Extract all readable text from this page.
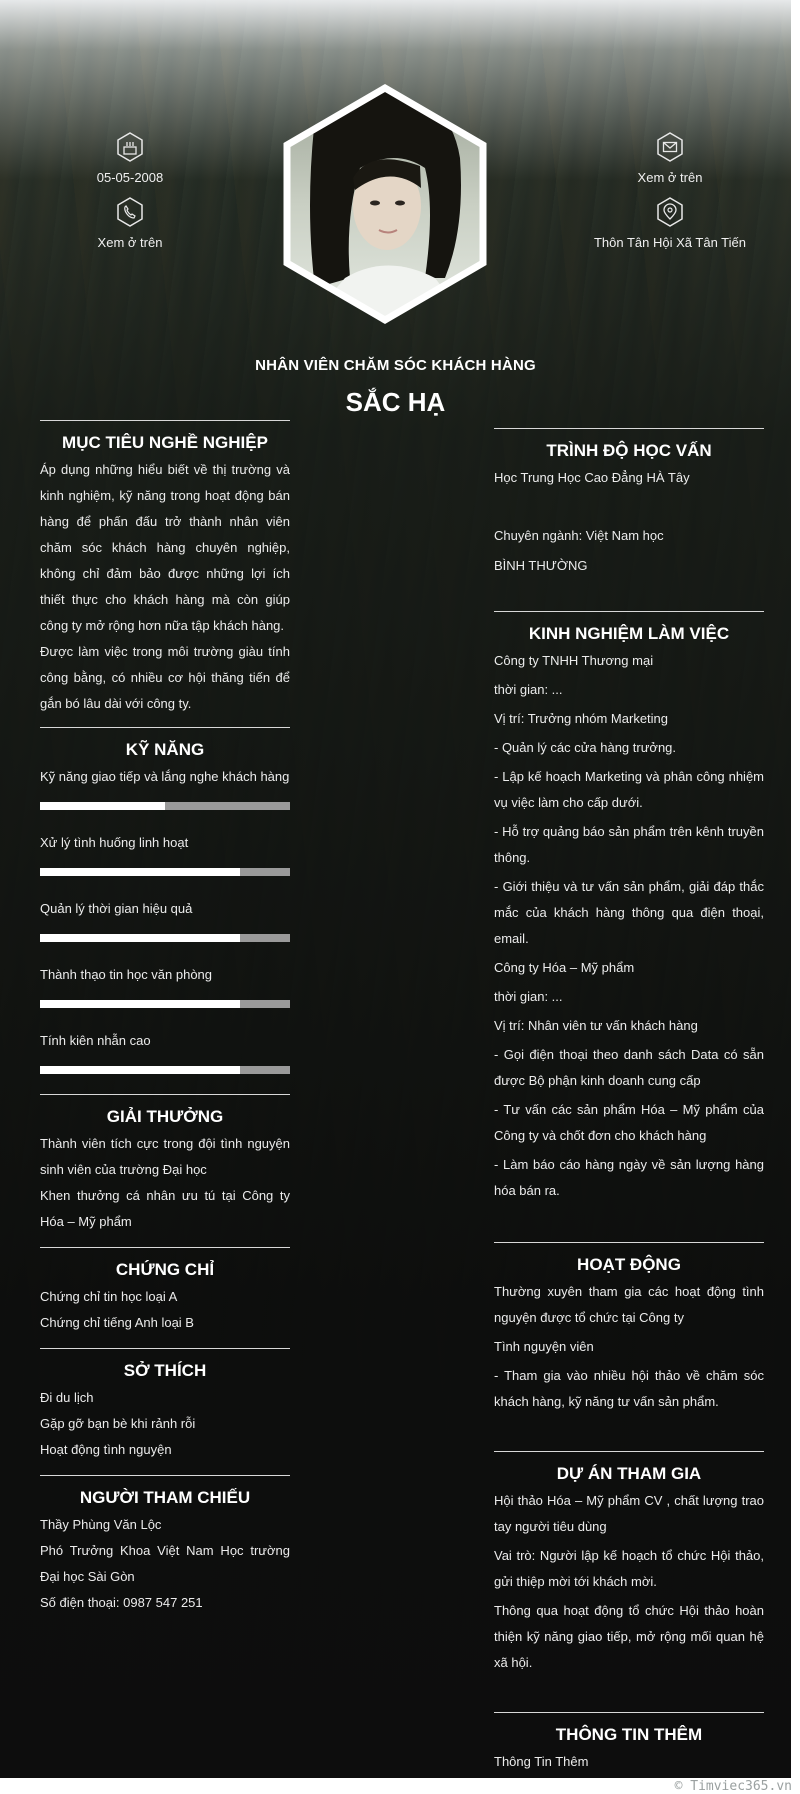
05-05-2008
Xem ở trên
Xem ở trên
Thôn Tân Hội Xã Tân Tiến
NHÂN VIÊN CHĂM SÓC KHÁCH HÀNG
SẮC HẠ
MỤC TIÊU NGHỀ NGHIỆP

Áp dụng những hiểu biết về thị trường và kinh nghiệm, kỹ năng trong hoạt động bán hàng để phấn đấu trở thành nhân viên chăm sóc khách hàng chuyên nghiệp, không chỉ đảm bảo được những lợi ích thiết thực cho khách hàng mà còn giúp công ty mở rộng hơn nữa tập khách hàng.

Được làm việc trong môi trường giàu tính công bằng, có nhiều cơ hội thăng tiến để gắn bó lâu dài với công ty.

KỸ NĂNG
Kỹ năng giao tiếp và lắng nghe khách hàng
Xử lý tình huống linh hoạt
Quản lý thời gian hiệu quả
Thành thạo tin học văn phòng
Tính kiên nhẫn cao
GIẢI THƯỞNG

Thành viên tích cực trong đội tình nguyện sinh viên của trường Đại học

Khen thưởng cá nhân ưu tú tại Công ty Hóa – Mỹ phẩm

CHỨNG CHỈ

Chứng chỉ tin học loại A

Chứng chỉ tiếng Anh loại B

SỞ THÍCH

Đi du lịch

Gặp gỡ bạn bè khi rảnh rỗi

Hoạt động tình nguyện

NGƯỜI THAM CHIẾU

Thầy Phùng Văn Lộc

Phó Trưởng Khoa Việt Nam Học trường Đại học Sài Gòn

Số điện thoại: 0987 547 251

TRÌNH ĐỘ HỌC VẤN

Học Trung Học Cao Đẳng HÀ Tây

Chuyên ngành: Việt Nam học

BÌNH THƯỜNG

KINH NGHIỆM LÀM VIỆC

Công ty TNHH Thương mại

thời gian: ...

Vị trí: Trưởng nhóm Marketing

- Quản lý các cửa hàng trưởng.

- Lập kế hoạch Marketing và phân công nhiệm vụ việc làm cho cấp dưới.

- Hỗ trợ quảng báo sản phẩm trên kênh truyền thông.

- Giới thiệu và tư vấn sản phẩm, giải đáp thắc mắc của khách hàng thông qua điện thoại, email.

Công ty Hóa – Mỹ phẩm

thời gian: ...

Vị trí: Nhân viên tư vấn khách hàng

- Gọi điện thoại theo danh sách Data có sẵn được Bộ phận kinh doanh cung cấp

- Tư vấn các sản phẩm Hóa – Mỹ phẩm của Công ty và chốt đơn cho khách hàng

- Làm báo cáo hàng ngày về sản lượng hàng hóa bán ra.

HOẠT ĐỘNG

Thường xuyên tham gia các hoạt động tình nguyện được tổ chức tại Công ty

Tình nguyện viên

- Tham gia vào nhiều hội thảo về chăm sóc khách hàng, kỹ năng tư vấn sản phẩm.

DỰ ÁN THAM GIA

Hội thảo Hóa – Mỹ phẩm CV , chất lượng trao tay người tiêu dùng

Vai trò: Người lập kế hoạch tổ chức Hội thảo, gửi thiệp mời tới khách mời.

Thông qua hoạt động tổ chức Hội thảo hoàn thiện kỹ năng giao tiếp, mở rộng mối quan hệ xã hội.

THÔNG TIN THÊM

Thông Tin Thêm

© Timviec365.vn
